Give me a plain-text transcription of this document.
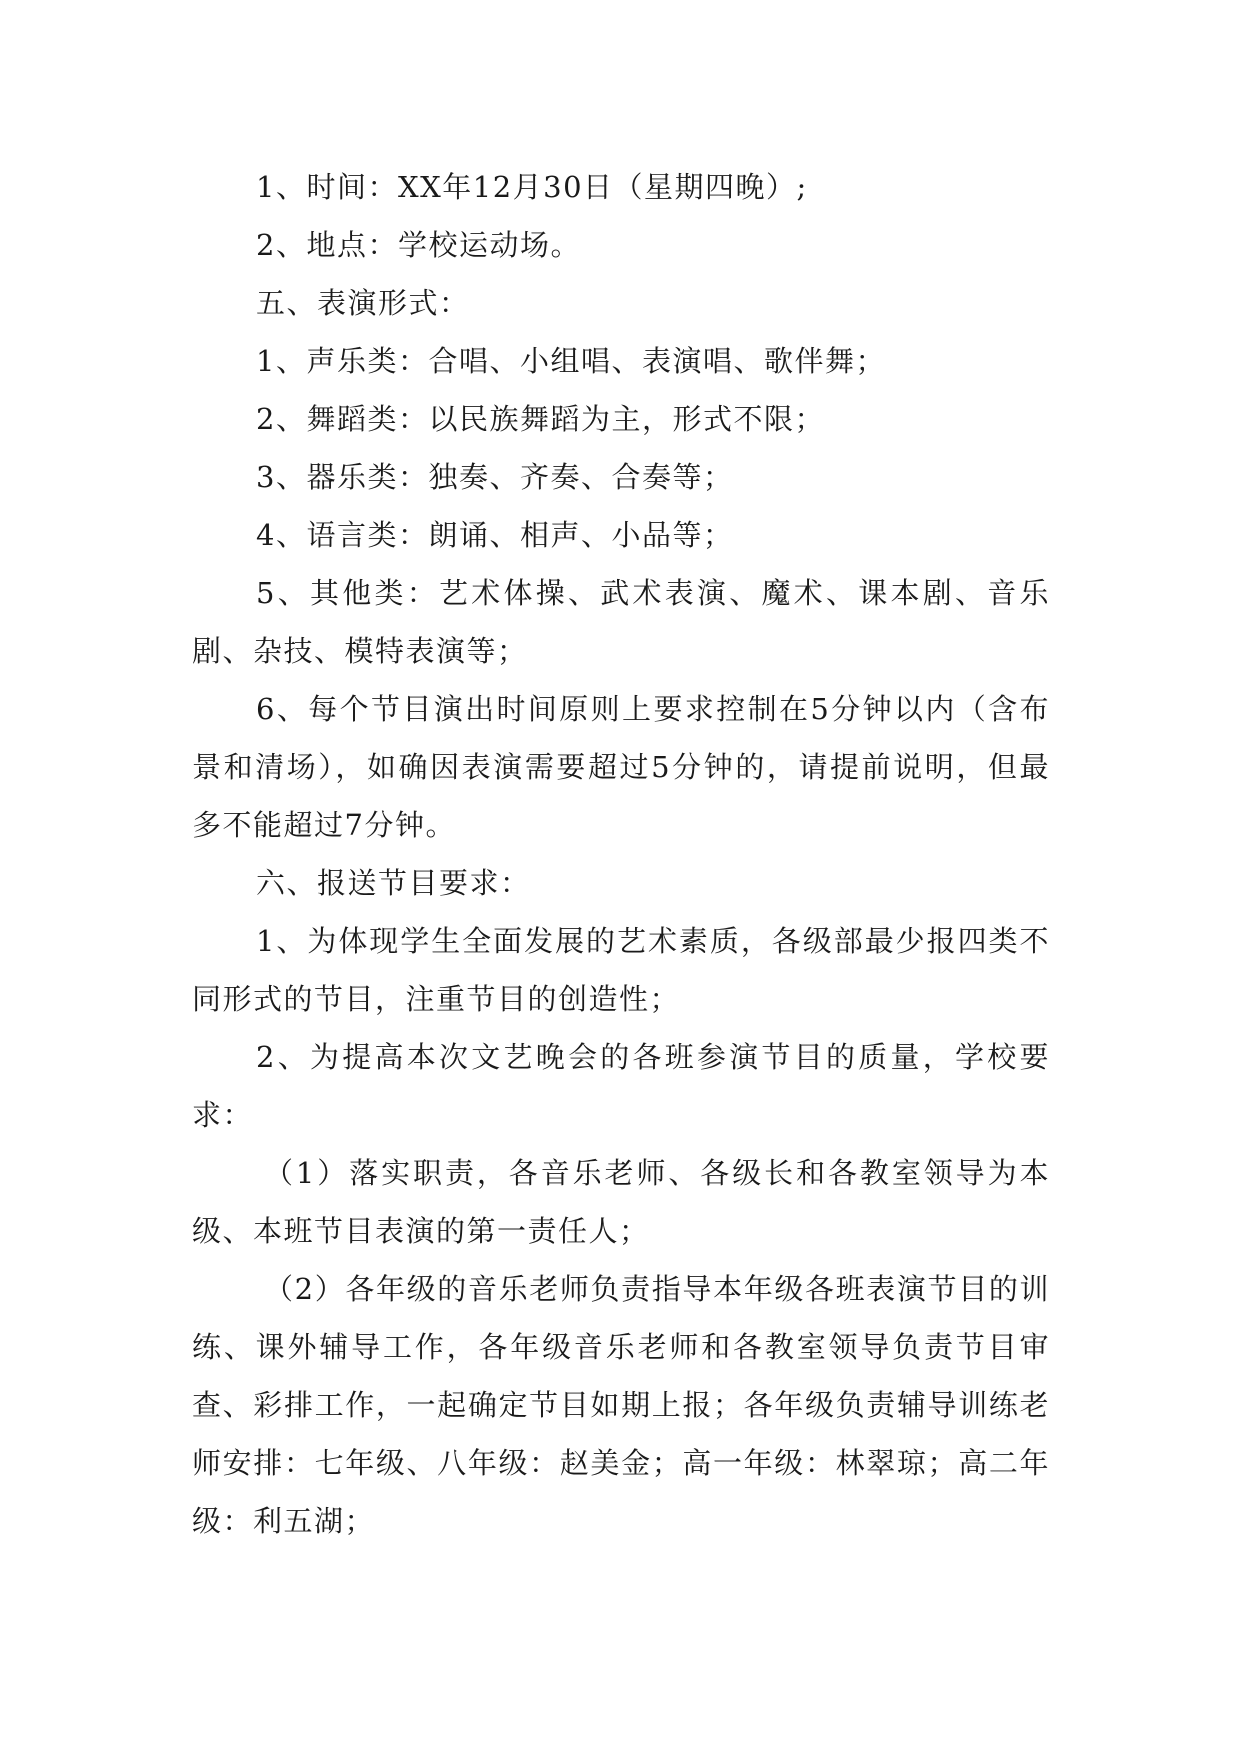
1、时间：XX年12月30日（星期四晚）;

2、地点：学校运动场。

五、表演形式：

1、声乐类：合唱、小组唱、表演唱、歌伴舞；

2、舞蹈类：以民族舞蹈为主，形式不限；

3、器乐类：独奏、齐奏、合奏等；

4、语言类：朗诵、相声、小品等；

5、其他类：艺术体操、武术表演、魔术、课本剧、音乐剧、杂技、模特表演等；

6、每个节目演出时间原则上要求控制在5分钟以内（含布景和清场），如确因表演需要超过5分钟的，请提前说明，但最多不能超过7分钟。

六、报送节目要求：

1、为体现学生全面发展的艺术素质，各级部最少报四类不同形式的节目，注重节目的创造性；

2、为提高本次文艺晚会的各班参演节目的质量，学校要求：

（1）落实职责，各音乐老师、各级长和各教室领导为本级、本班节目表演的第一责任人；

（2）各年级的音乐老师负责指导本年级各班表演节目的训练、课外辅导工作，各年级音乐老师和各教室领导负责节目审查、彩排工作，一起确定节目如期上报；各年级负责辅导训练老师安排：七年级、八年级：赵美金；高一年级：林翠琼；高二年级：利五湖；
